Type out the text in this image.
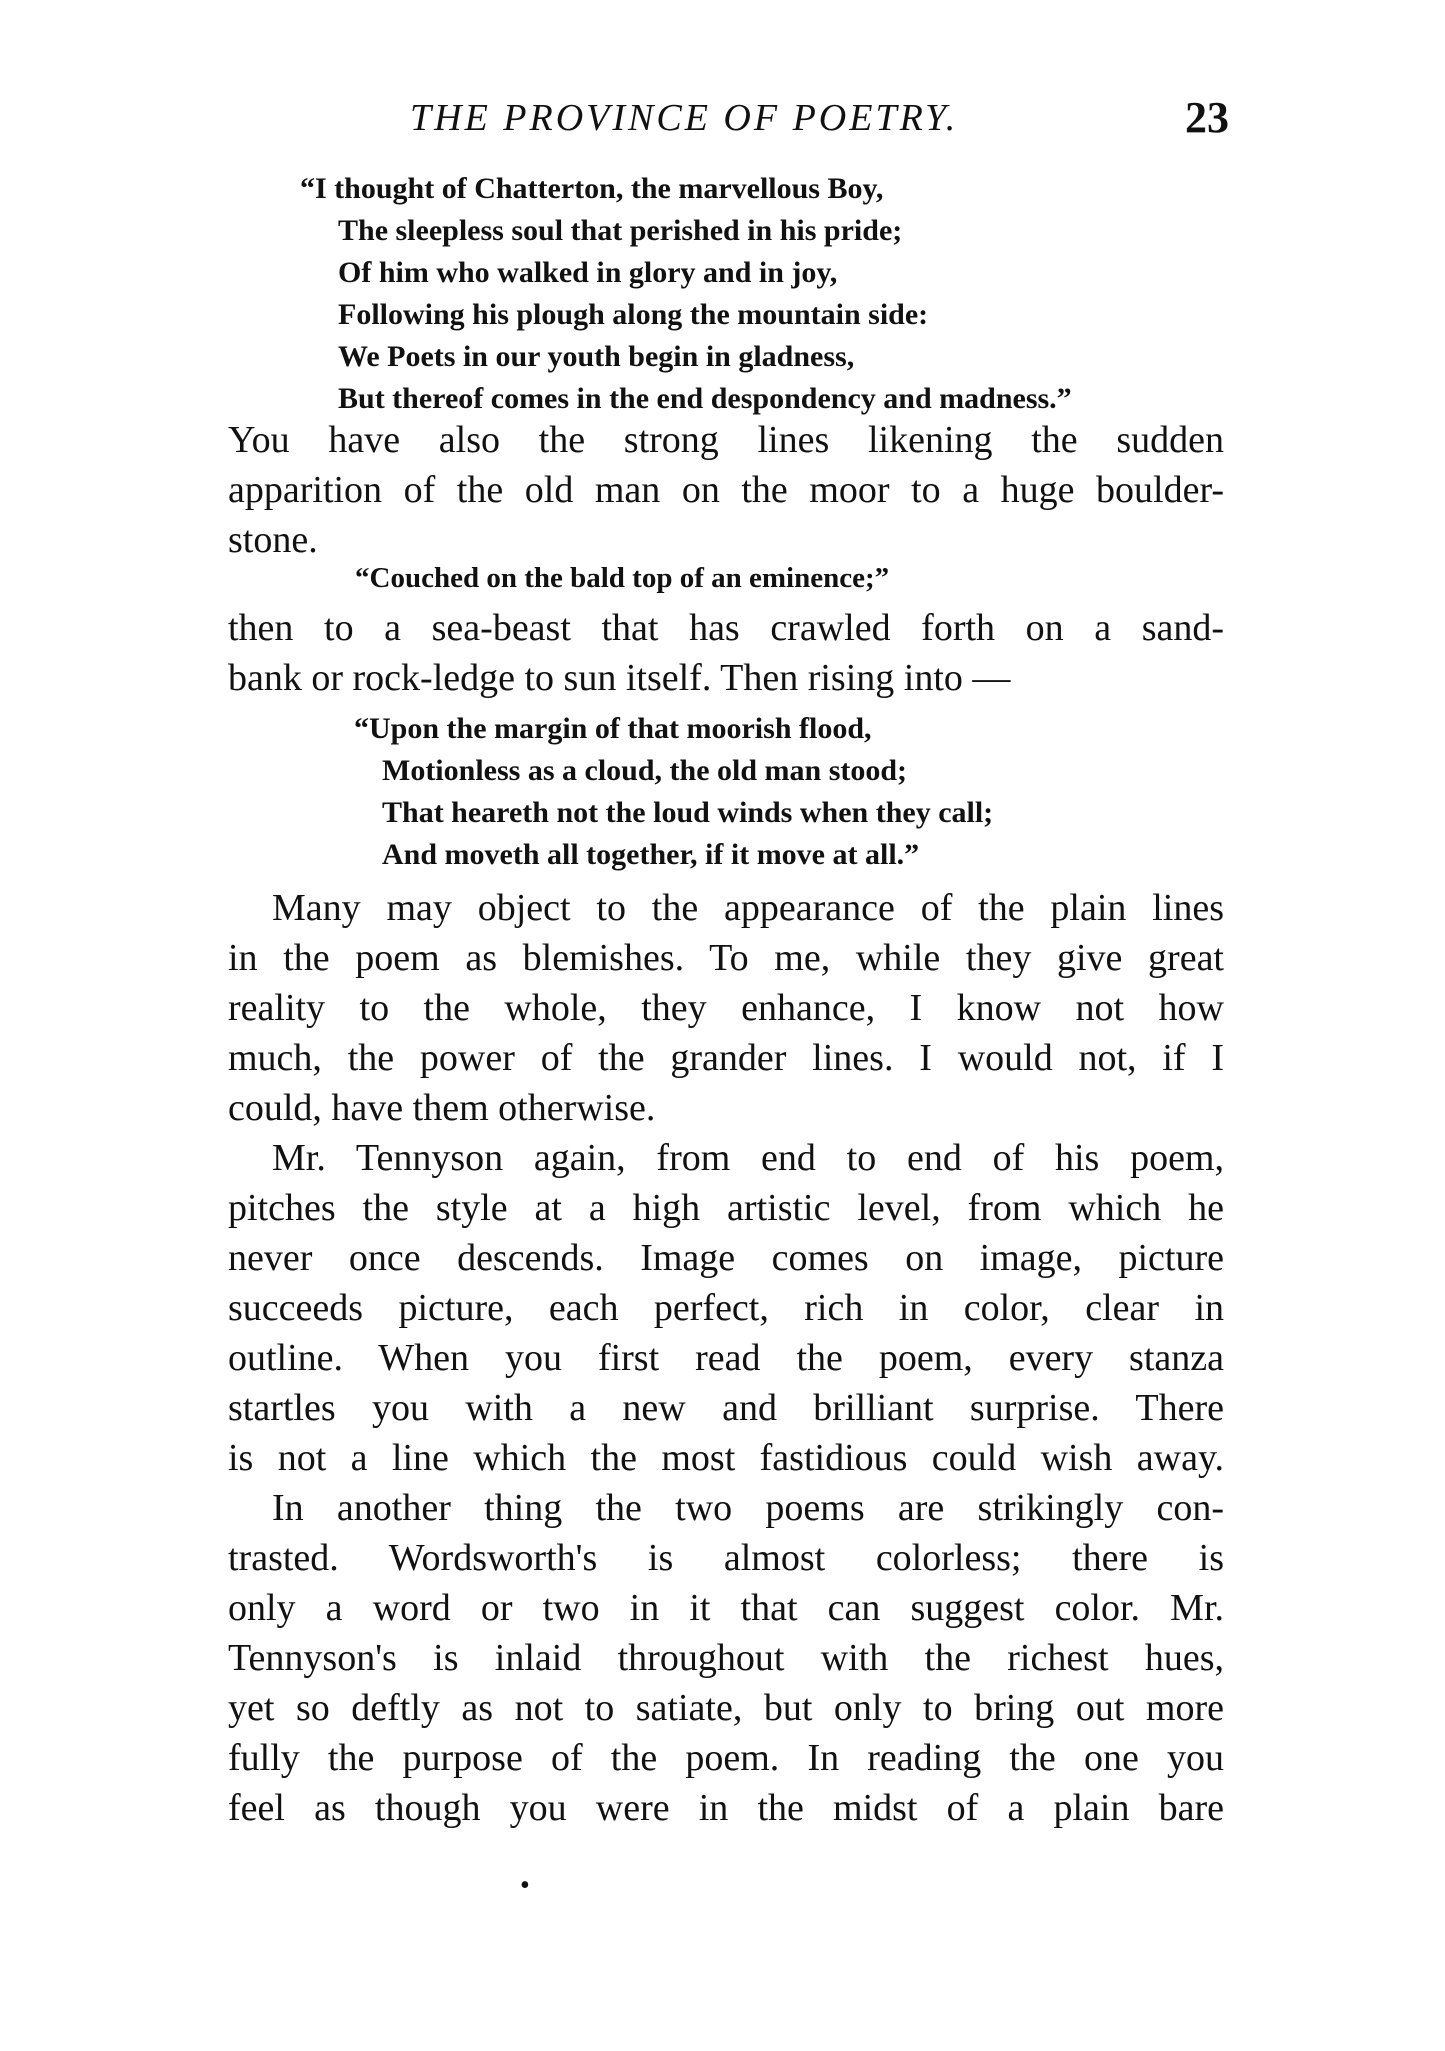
THE PROVINCE OF POETRY.	23
“I thought of Chatterton, the marvellous Boy,
The sleepless soul that perished in his pride;
Of him who walked in glory and in joy,
Following his plough along the mountain side:
We Poets in our youth begin in gladness,
But thereof comes in the end despondency and madness.”
You have also the strong lines likening the sudden
apparition of the old man on the moor to a huge boulder-
stone.
“Couched on the bald top of an eminence;”
then to a sea-beast that has crawled forth on a sand-
bank or rock-ledge to sun itself. Then rising into —
“Upon the margin of that moorish flood,
Motionless as a cloud, the old man stood;
That heareth not the loud winds when they call;
And moveth all together, if it move at all.”
Many may object to the appearance of the plain lines
in the poem as blemishes. To me, while they give great
reality to the whole, they enhance, I know not how
much, the power of the grander lines. I would not, if I
could, have them otherwise.
Mr. Tennyson again, from end to end of his poem,
pitches the style at a high artistic level, from which he
never once descends. Image comes on image, picture
succeeds picture, each perfect, rich in color, clear in
outline. When you first read the poem, every stanza
startles you with a new and brilliant surprise. There
is not a line which the most fastidious could wish away.
In another thing the two poems are strikingly con-
trasted. Wordsworth's is almost colorless; there is
only a word or two in it that can suggest color. Mr.
Tennyson's is inlaid throughout with the richest hues,
yet so deftly as not to satiate, but only to bring out more
fully the purpose of the poem. In reading the one you
feel as though you were in the midst of a plain bare
•
